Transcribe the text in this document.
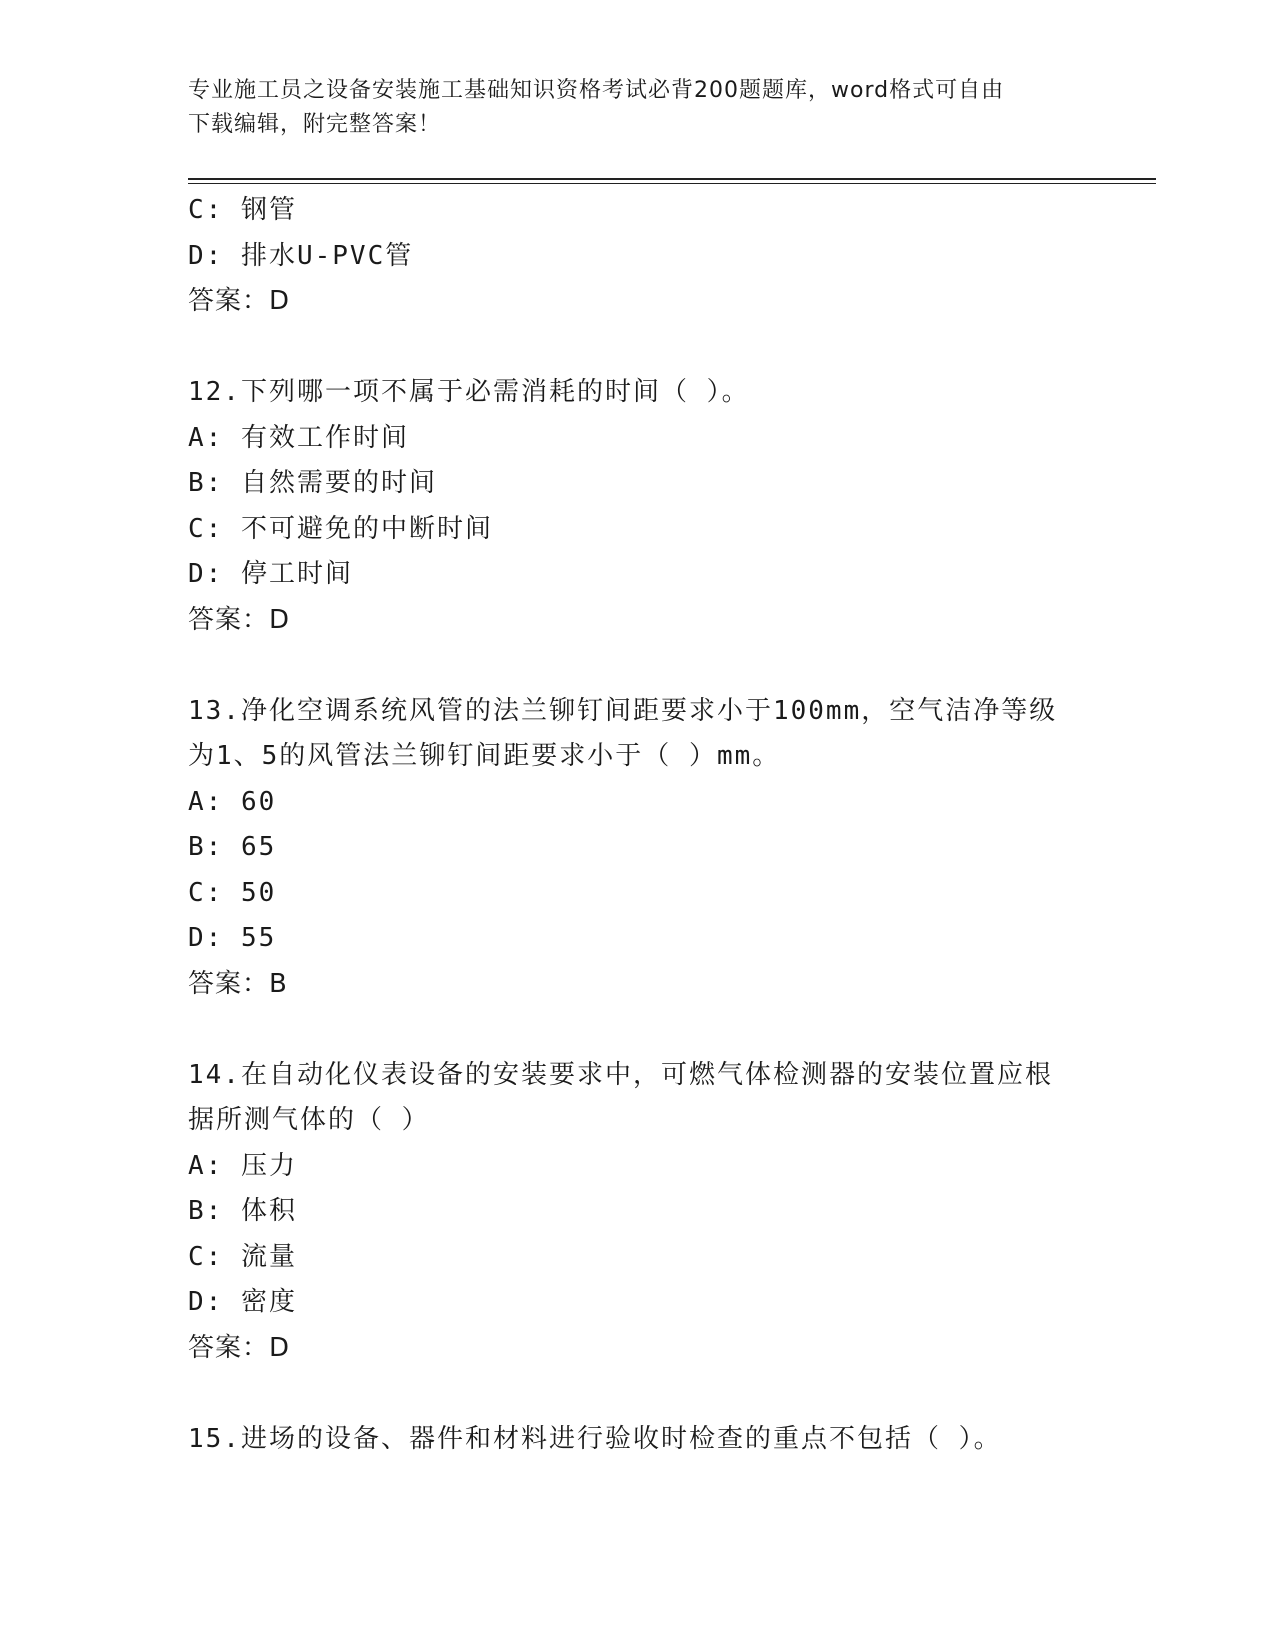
专业施工员之设备安装施工基础知识资格考试必背200题题库，word格式可自由
下载编辑，附完整答案！
C: 钢管
D: 排水U-PVC管
答案：D
12.下列哪一项不属于必需消耗的时间（ ）。
A: 有效工作时间
B: 自然需要的时间
C: 不可避免的中断时间
D: 停工时间
答案：D
13.净化空调系统风管的法兰铆钉间距要求小于100mm，空气洁净等级
为1、5的风管法兰铆钉间距要求小于（ ）mm。
A: 60
B: 65
C: 50
D: 55
答案：B
14.在自动化仪表设备的安装要求中，可燃气体检测器的安装位置应根
据所测气体的（ ）
A: 压力
B: 体积
C: 流量
D: 密度
答案：D
15.进场的设备、器件和材料进行验收时检查的重点不包括（ ）。
